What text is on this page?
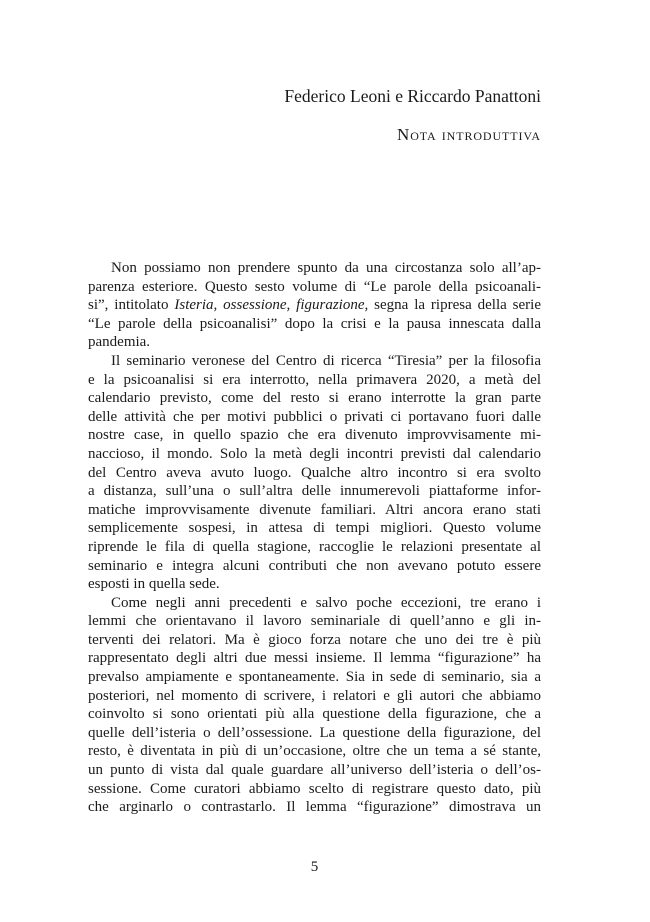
Federico Leoni e Riccardo Panattoni
Nota introduttiva
Non possiamo non prendere spunto da una circostanza solo all’ap-
parenza esteriore. Questo sesto volume di “Le parole della psicoanali-
si”, intitolato Isteria, ossessione, figurazione, segna la ripresa della serie
“Le parole della psicoanalisi” dopo la crisi e la pausa innescata dalla
pandemia.
Il seminario veronese del Centro di ricerca “Tiresia” per la filosofia
e la psicoanalisi si era interrotto, nella primavera 2020, a metà del
calendario previsto, come del resto si erano interrotte la gran parte
delle attività che per motivi pubblici o privati ci portavano fuori dalle
nostre case, in quello spazio che era divenuto improvvisamente mi-
naccioso, il mondo. Solo la metà degli incontri previsti dal calendario
del Centro aveva avuto luogo. Qualche altro incontro si era svolto
a distanza, sull’una o sull’altra delle innumerevoli piattaforme infor-
matiche improvvisamente divenute familiari. Altri ancora erano stati
semplicemente sospesi, in attesa di tempi migliori. Questo volume
riprende le fila di quella stagione, raccoglie le relazioni presentate al
seminario e integra alcuni contributi che non avevano potuto essere
esposti in quella sede.
Come negli anni precedenti e salvo poche eccezioni, tre erano i
lemmi che orientavano il lavoro seminariale di quell’anno e gli in-
terventi dei relatori. Ma è gioco forza notare che uno dei tre è più
rappresentato degli altri due messi insieme. Il lemma “figurazione” ha
prevalso ampiamente e spontaneamente. Sia in sede di seminario, sia a
posteriori, nel momento di scrivere, i relatori e gli autori che abbiamo
coinvolto si sono orientati più alla questione della figurazione, che a
quelle dell’isteria o dell’ossessione. La questione della figurazione, del
resto, è diventata in più di un’occasione, oltre che un tema a sé stante,
un punto di vista dal quale guardare all’universo dell’isteria o dell’os-
sessione. Come curatori abbiamo scelto di registrare questo dato, più
che arginarlo o contrastarlo. Il lemma “figurazione” dimostrava un
5
